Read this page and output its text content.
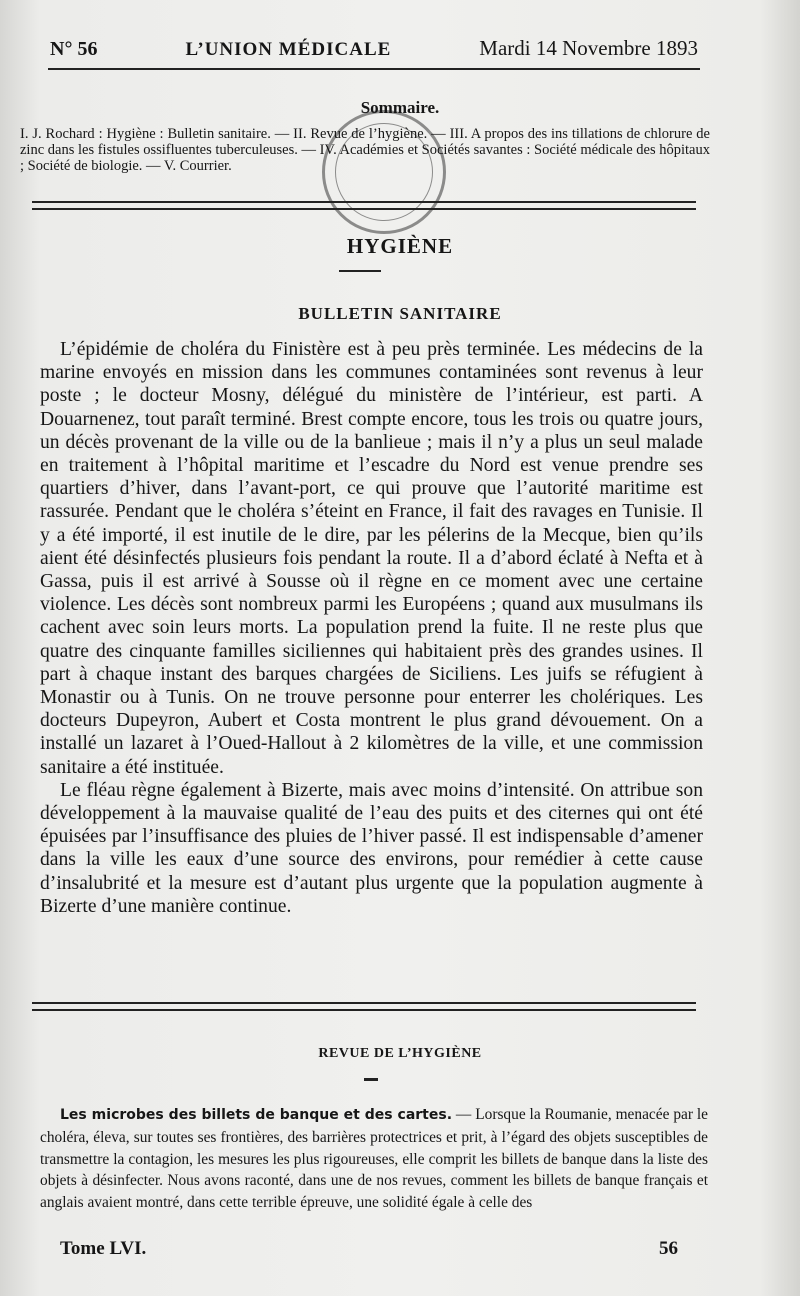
N° 56	L’UNION MÉDICALE	Mardi 14 Novembre 1893
Sommaire.
I. J. Rochard : Hygiène : Bulletin sanitaire. — II. Revue de l’hygiène. — III. A propos des ins tillations de chlorure de zinc dans les fistules ossifluentes tuberculeuses. — IV. Académies et Sociétés savantes : Société médicale des hôpitaux ; Société de biologie. — V. Courrier.
HYGIÈNE
BULLETIN SANITAIRE

L’épidémie de choléra du Finistère est à peu près terminée. Les médecins de la marine envoyés en mission dans les communes contaminées sont revenus à leur poste ; le docteur Mosny, délégué du ministère de l’intérieur, est parti. A Douarnenez, tout paraît terminé. Brest compte encore, tous les trois ou quatre jours, un décès provenant de la ville ou de la banlieue ; mais il n’y a plus un seul malade en traitement à l’hôpital maritime et l’escadre du Nord est venue prendre ses quartiers d’hiver, dans l’avant-port, ce qui prouve que l’autorité maritime est rassurée. Pendant que le choléra s’éteint en France, il fait des ravages en Tunisie. Il y a été importé, il est inutile de le dire, par les pélerins de la Mecque, bien qu’ils aient été désinfectés plusieurs fois pendant la route. Il a d’abord éclaté à Nefta et à Gassa, puis il est arrivé à Sousse où il règne en ce moment avec une certaine violence. Les décès sont nombreux parmi les Européens ; quand aux musulmans ils cachent avec soin leurs morts. La population prend la fuite. Il ne reste plus que quatre des cinquante familles siciliennes qui habitaient près des grandes usines. Il part à chaque instant des barques chargées de Siciliens. Les juifs se réfugient à Monastir ou à Tunis. On ne trouve personne pour enterrer les cholériques. Les docteurs Dupeyron, Aubert et Costa montrent le plus grand dévouement. On a installé un lazaret à l’Oued-Hallout à 2 kilomètres de la ville, et une commission sanitaire a été instituée.

Le fléau règne également à Bizerte, mais avec moins d’intensité. On attribue son développement à la mauvaise qualité de l’eau des puits et des citernes qui ont été épuisées par l’insuffisance des pluies de l’hiver passé. Il est indispensable d’amener dans la ville les eaux d’une source des environs, pour remédier à cette cause d’insalubrité et la mesure est d’autant plus urgente que la population augmente à Bizerte d’une manière continue.

REVUE DE L’HYGIÈNE

Les microbes des billets de banque et des cartes. — Lorsque la Roumanie, menacée par le choléra, éleva, sur toutes ses frontières, des barrières protectrices et prit, à l’égard des objets susceptibles de transmettre la contagion, les mesures les plus rigoureuses, elle comprit les billets de banque dans la liste des objets à désinfecter. Nous avons raconté, dans une de nos revues, comment les billets de banque français et anglais avaient montré, dans cette terrible épreuve, une solidité égale à celle des

Tome LVI.	56
